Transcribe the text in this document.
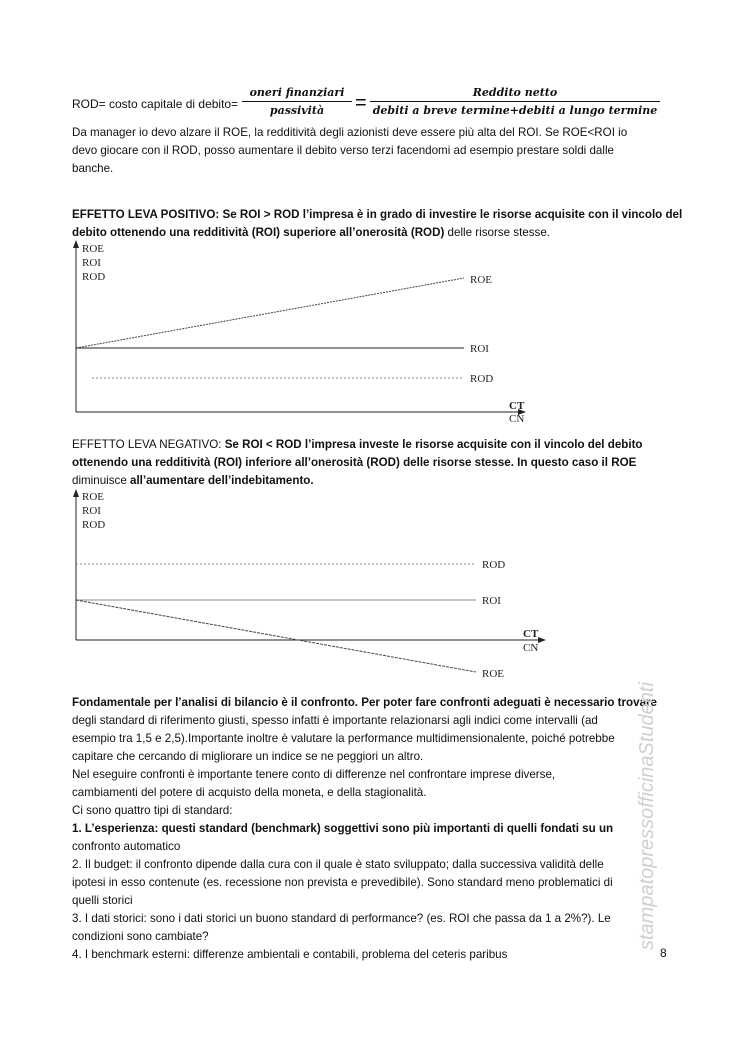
ROD= costo capitale di debito=
oneri finanziari
passività	=	Reddito netto
debiti a breve termine+debiti a lungo termine
Da manager io devo alzare il ROE, la redditività degli azionisti deve essere più alta del ROI. Se ROE<ROI io
devo giocare con il ROD, posso aumentare il debito verso terzi facendomi ad esempio prestare soldi dalle
banche.
EFFETTO LEVA POSITIVO: Se ROI > ROD l’impresa è in grado di investire le risorse acquisite con il vincolo del
debito ottenendo una redditività (ROI) superiore all’onerosità (ROD) delle risorse stesse.
ROE
ROI
ROD	ROE
ROI
ROD
CT
CN
EFFETTO LEVA NEGATIVO: Se ROI < ROD l’impresa investe le risorse acquisite con il vincolo del debito
ottenendo una redditività (ROI) inferiore all’onerosità (ROD) delle risorse stesse. In questo caso il ROE
diminuisce all’aumentare dell’indebitamento.
ROE
ROI
ROD
ROD
ROI
ROE
CT
CN
Fondamentale per l’analisi di bilancio è il confronto. Per poter fare confronti adeguati è necessario trovare
degli standard di riferimento giusti, spesso infatti è importante relazionarsi agli indici come intervalli (ad
esempio tra 1,5 e 2,5).Importante inoltre è valutare la performance multidimensionalente, poiché potrebbe
capitare che cercando di migliorare un indice se ne peggiori un altro.
Nel eseguire confronti è importante tenere conto di differenze nel confrontare imprese diverse,
cambiamenti del potere di acquisto della moneta, e della stagionalità.
Ci sono quattro tipi di standard:
1. L’esperienza: questi standard (benchmark) soggettivi sono più importanti di quelli fondati su un
confronto automatico
2. Il budget: il confronto dipende dalla cura con il quale è stato sviluppato; dalla successiva validità delle
ipotesi in esso contenute (es. recessione non prevista e prevedibile). Sono standard meno problematici di
quelli storici
3. I dati storici: sono i dati storici un buono standard di performance? (es. ROI che passa da 1 a 2%?). Le
condizioni sono cambiate?
4. I benchmark esterni: differenze ambientali e contabili, problema del ceteris paribus
stampatopressofficinaStudenti
8
